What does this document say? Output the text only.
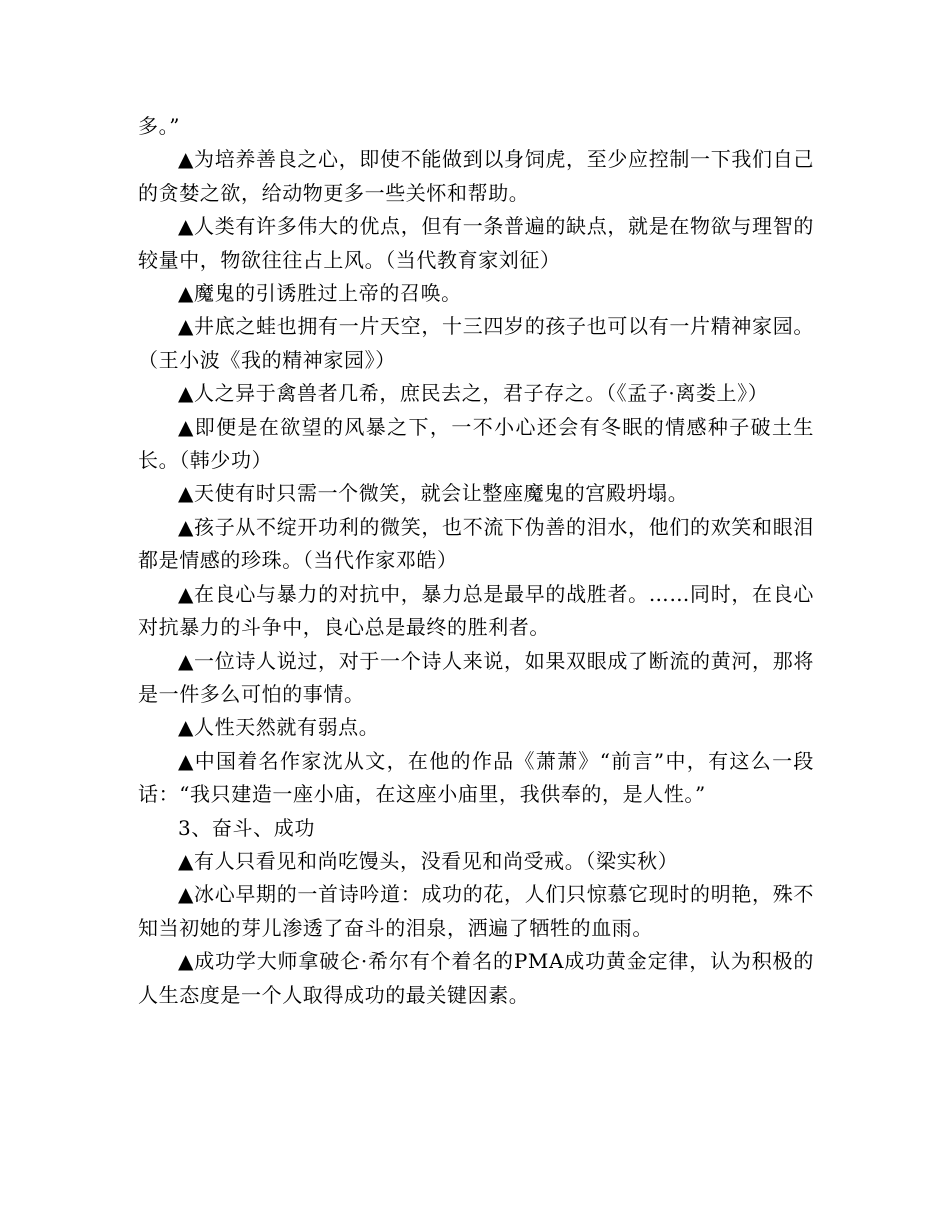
多。”

▲为培养善良之心，即使不能做到以身饲虎，至少应控制一下我们自己的贪婪之欲，给动物更多一些关怀和帮助。

▲人类有许多伟大的优点，但有一条普遍的缺点，就是在物欲与理智的较量中，物欲往往占上风。（当代教育家刘征）

▲魔鬼的引诱胜过上帝的召唤。

▲井底之蛙也拥有一片天空，十三四岁的孩子也可以有一片精神家园。（王小波《我的精神家园》）

▲人之异于禽兽者几希，庶民去之，君子存之。（《孟子·离娄上》）

▲即便是在欲望的风暴之下，一不小心还会有冬眠的情感种子破土生长。（韩少功）

▲天使有时只需一个微笑，就会让整座魔鬼的宫殿坍塌。

▲孩子从不绽开功利的微笑，也不流下伪善的泪水，他们的欢笑和眼泪都是情感的珍珠。（当代作家邓皓）

▲在良心与暴力的对抗中，暴力总是最早的战胜者。……同时，在良心对抗暴力的斗争中，良心总是最终的胜利者。

▲一位诗人说过，对于一个诗人来说，如果双眼成了断流的黄河，那将是一件多么可怕的事情。

▲人性天然就有弱点。

▲中国着名作家沈从文，在他的作品《萧萧》“前言”中，有这么一段话：“我只建造一座小庙，在这座小庙里，我供奉的，是人性。”

3、奋斗、成功

▲有人只看见和尚吃馒头，没看见和尚受戒。（梁实秋）

▲冰心早期的一首诗吟道：成功的花，人们只惊慕它现时的明艳，殊不知当初她的芽儿渗透了奋斗的泪泉，洒遍了牺牲的血雨。

▲成功学大师拿破仑·希尔有个着名的PMA成功黄金定律，认为积极的人生态度是一个人取得成功的最关键因素。
